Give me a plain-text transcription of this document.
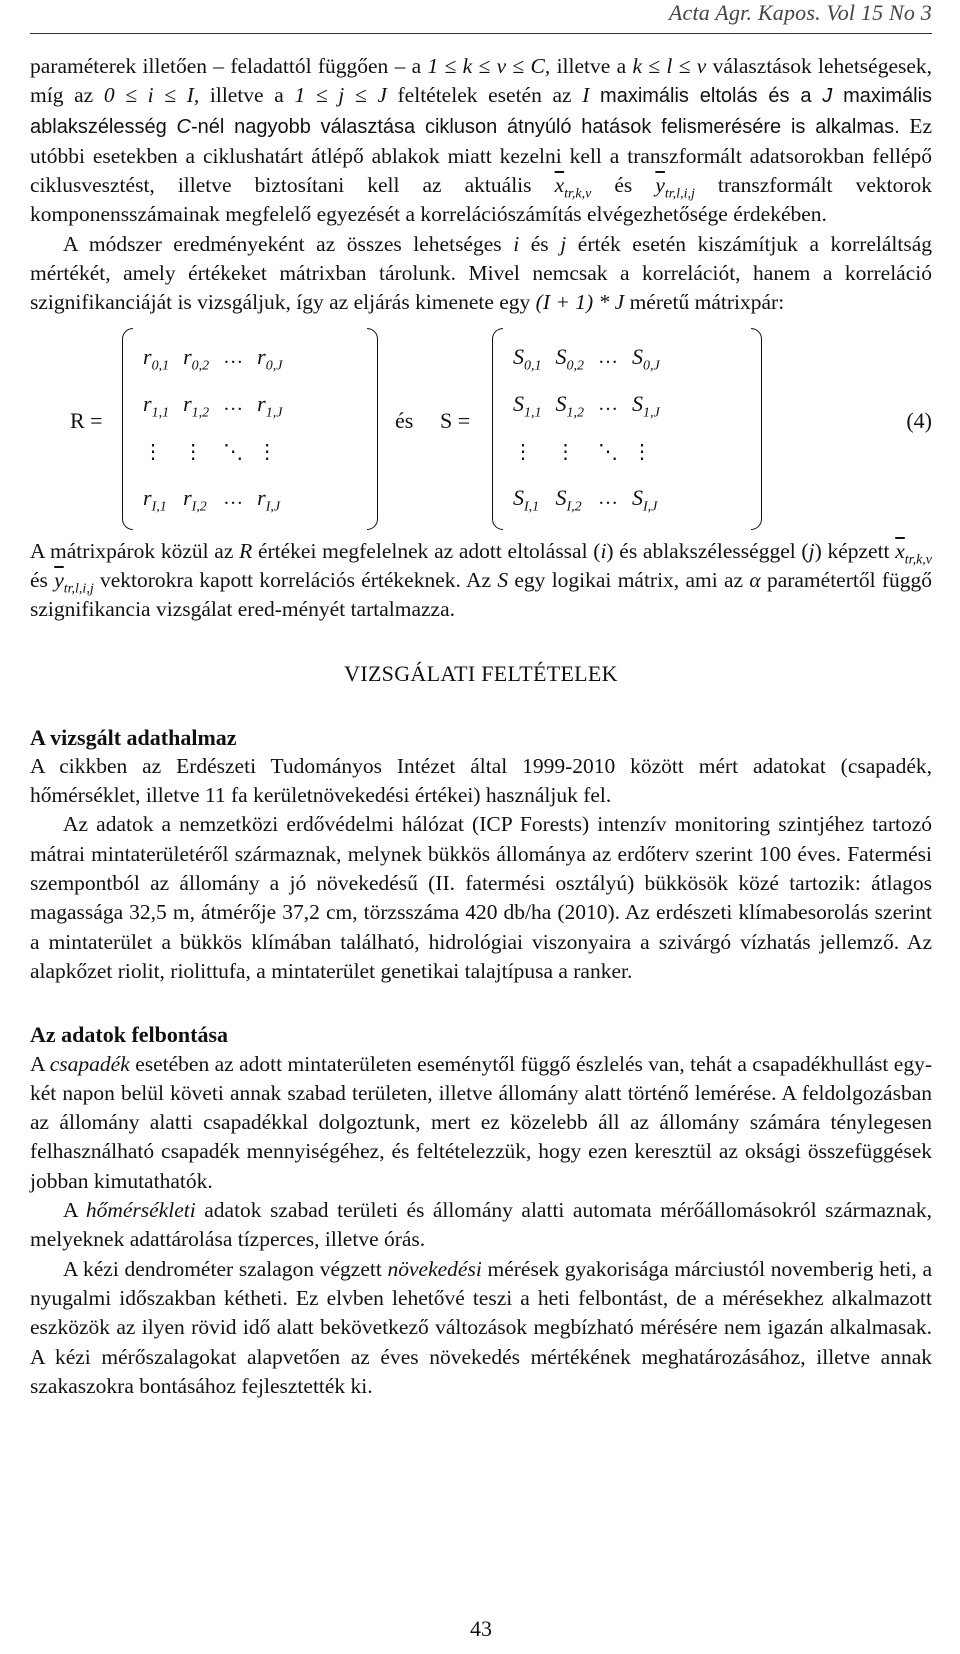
Acta Agr. Kapos. Vol 15 No 3

paraméterek illetően – feladattól függően – a 1 ≤ k ≤ v ≤ C, illetve a k ≤ l ≤ v választások lehetségesek, míg az 0 ≤ i ≤ I, illetve a 1 ≤ j ≤ J feltételek esetén az I maximális eltolás és a J maximális ablakszélesség C-nél nagyobb választása cikluson átnyúló hatások felismerésére is alkalmas. Ez utóbbi esetekben a ciklushatárt átlépő ablakok miatt kezelni kell a transzformált adatsorokban fellépő ciklusvesztést, illetve biztosítani kell az aktuális $\overline{x}_{tr,k,v}$ és $\overline{y}_{tr,l,i,j}$ transzformált vektorok komponensszámainak megfelelő egyezését a korrelációszámítás elvégezhetősége érdekében.

A módszer eredményeként az összes lehetséges i és j érték esetén kiszámítjuk a korreláltság mértékét, amely értékeket mátrixban tárolunk. Mivel nemcsak a korrelációt, hanem a korreláció szignifikanciáját is vizsgáljuk, így az eljárás kimenete egy (I + 1) * J méretű mátrixpár:

R =
$r_{0,1}$	$r_{0,2}$	…	$r_{0,J}$
$r_{1,1}$	$r_{1,2}$	…	$r_{1,J}$
⋮	⋮	⋱	⋮
$r_{I,1}$	$r_{I,2}$	…	$r_{I,J}$
és S =
$S_{0,1}$	$S_{0,2}$	…	$S_{0,J}$
$S_{1,1}$	$S_{1,2}$	…	$S_{1,J}$
⋮	⋮	⋱	⋮
$S_{I,1}$	$S_{I,2}$	…	$S_{I,J}$
(4)

A mátrixpárok közül az R értékei megfelelnek az adott eltolással (i) és ablakszélességgel (j) képzett $\overline{x}_{tr,k,v}$ és $\overline{y}_{tr,l,i,j}$ vektorokra kapott korrelációs értékeknek. Az S egy logikai mátrix, ami az α paramétertől függő szignifikancia vizsgálat ered-ményét tartalmazza.

VIZSGÁLATI FELTÉTELEK
A vizsgált adathalmaz

A cikkben az Erdészeti Tudományos Intézet által 1999-2010 között mért adatokat (csapadék, hőmérséklet, illetve 11 fa kerületnövekedési értékei) használjuk fel.

Az adatok a nemzetközi erdővédelmi hálózat (ICP Forests) intenzív monitoring szintjéhez tartozó mátrai mintaterületéről származnak, melynek bükkös állománya az erdőterv szerint 100 éves. Fatermési szempontból az állomány a jó növekedésű (II. fatermési osztályú) bükkösök közé tartozik: átlagos magassága 32,5 m, átmérője 37,2 cm, törzsszáma 420 db/ha (2010). Az erdészeti klímabesorolás szerint a mintaterület a bükkös klímában található, hidrológiai viszonyaira a szivárgó vízhatás jellemző. Az alapkőzet riolit, riolittufa, a mintaterület genetikai talajtípusa a ranker.

Az adatok felbontása

A csapadék esetében az adott mintaterületen eseménytől függő észlelés van, tehát a csapadékhullást egy-két napon belül követi annak szabad területen, illetve állomány alatt történő lemérése. A feldolgozásban az állomány alatti csapadékkal dolgoztunk, mert ez közelebb áll az állomány számára ténylegesen felhasználható csapadék mennyiségéhez, és feltételezzük, hogy ezen keresztül az oksági összefüggések jobban kimutathatók.

A hőmérsékleti adatok szabad területi és állomány alatti automata mérőállomásokról származnak, melyeknek adattárolása tízperces, illetve órás.

A kézi dendrométer szalagon végzett növekedési mérések gyakorisága márciustól novemberig heti, a nyugalmi időszakban kétheti. Ez elvben lehetővé teszi a heti felbontást, de a mérésekhez alkalmazott eszközök az ilyen rövid idő alatt bekövetkező változások megbízható mérésére nem igazán alkalmasak. A kézi mérőszalagokat alapvetően az éves növekedés mértékének meghatározásához, illetve annak szakaszokra bontásához fejlesztették ki.

43
